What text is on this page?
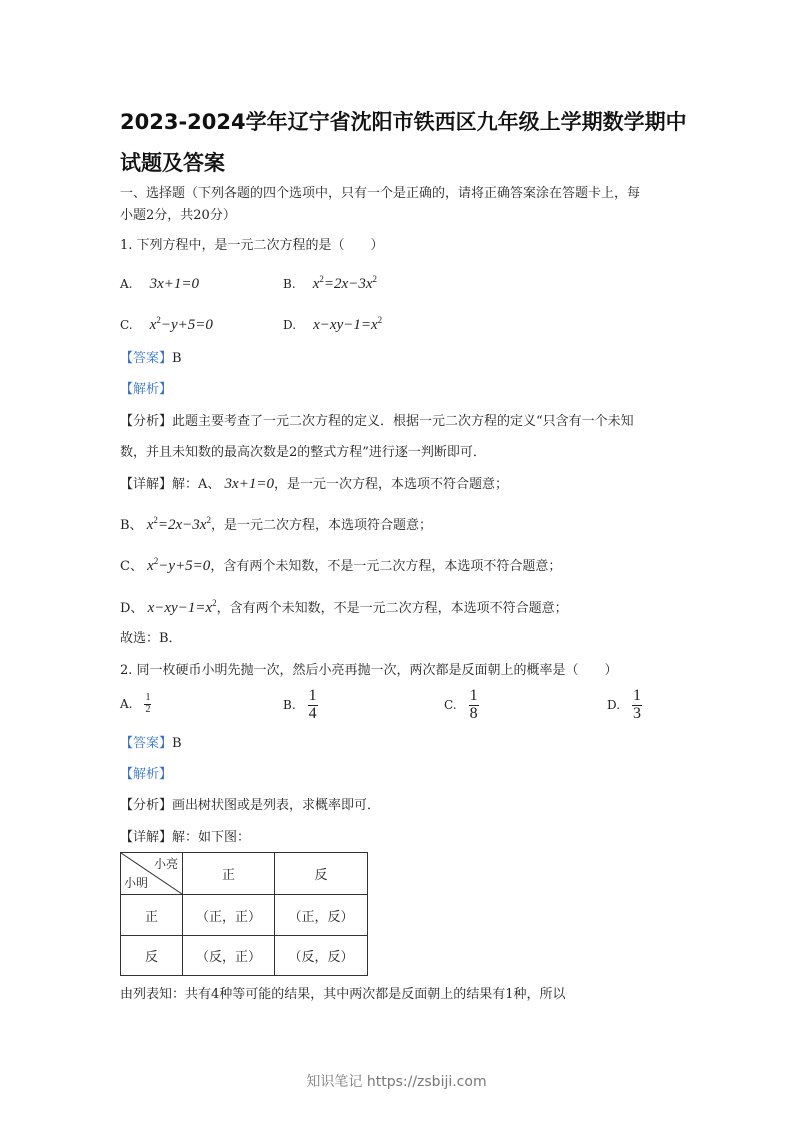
2023-2024学年辽宁省沈阳市铁西区九年级上学期数学期中
试题及答案
一、选择题（下列各题的四个选项中，只有一个是正确的，请将正确答案涂在答题卡上，每
小题2分，共20分）
1. 下列方程中，是一元二次方程的是（　　）
A. 3x+1=0	B. $x^2=2x-3x^2$
C. $x^2-y+5=0$	D. $x-xy-1=x^2$
【答案】B
【解析】
【分析】此题主要考查了一元二次方程的定义．根据一元二次方程的定义“只含有一个未知
数，并且未知数的最高次数是2的整式方程”进行逐一判断即可．
【详解】解：A、 3x+1=0，是一元一次方程，本选项不符合题意；
B、 $x^2=2x-3x^2$，是一元二次方程，本选项符合题意；
C、 $x^2-y+5=0$，含有两个未知数，不是一元二次方程，本选项不符合题意；
D、 $x-xy-1=x^2$，含有两个未知数，不是一元二次方程，本选项不符合题意；
故选：B．
2. 同一枚硬币小明先抛一次，然后小亮再抛一次，两次都是反面朝上的概率是（　　）
A. $\frac{1}{2}$	B. $\frac{1}{4}$	C. $\frac{1}{8}$	D. $\frac{1}{3}$
【答案】B
【解析】
【分析】画出树状图或是列表，求概率即可．
【详解】解：如下图：
小亮
小明	正	反
正	（正，正）	（正，反）
反	（反，正）	（反，反）
由列表知：共有4种等可能的结果，其中两次都是反面朝上的结果有1种，所以
知识笔记 https://zsbiji.com
